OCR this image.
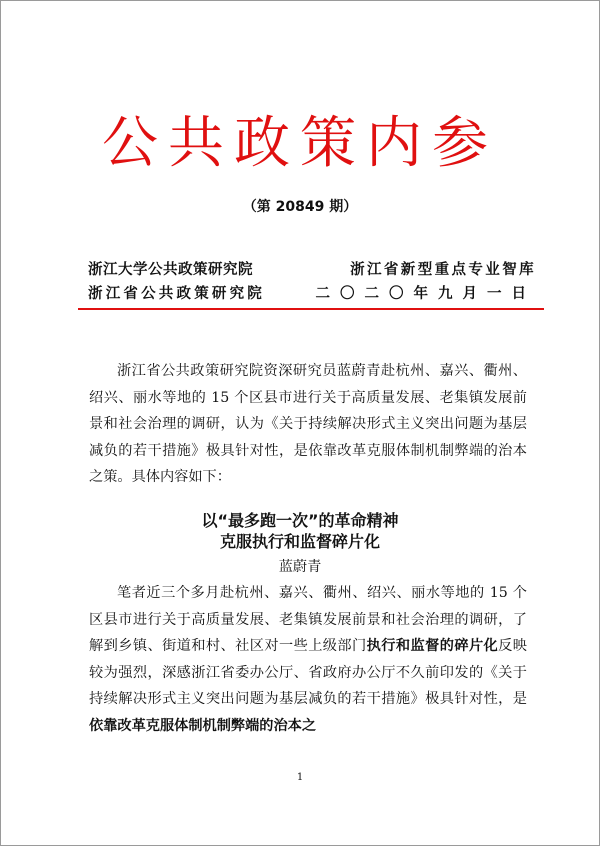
公共政策内参
（第 20849 期）
浙江大学公共政策研究院	浙江省新型重点专业智库
浙江省公共政策研究院	二〇二〇年九月一日

浙江省公共政策研究院资深研究员蓝蔚青赴杭州、嘉兴、衢州、绍兴、丽水等地的 15 个区县市进行关于高质量发展、老集镇发展前景和社会治理的调研，认为《关于持续解决形式主义突出问题为基层减负的若干措施》极具针对性，是依靠改革克服体制机制弊端的治本之策。具体内容如下：

以“最多跑一次”的革命精神
克服执行和监督碎片化
蓝蔚青

笔者近三个多月赴杭州、嘉兴、衢州、绍兴、丽水等地的 15 个区县市进行关于高质量发展、老集镇发展前景和社会治理的调研，了解到乡镇、街道和村、社区对一些上级部门执行和监督的碎片化反映较为强烈，深感浙江省委办公厅、省政府办公厅不久前印发的《关于持续解决形式主义突出问题为基层减负的若干措施》极具针对性，是依靠改革克服体制机制弊端的治本之

1
